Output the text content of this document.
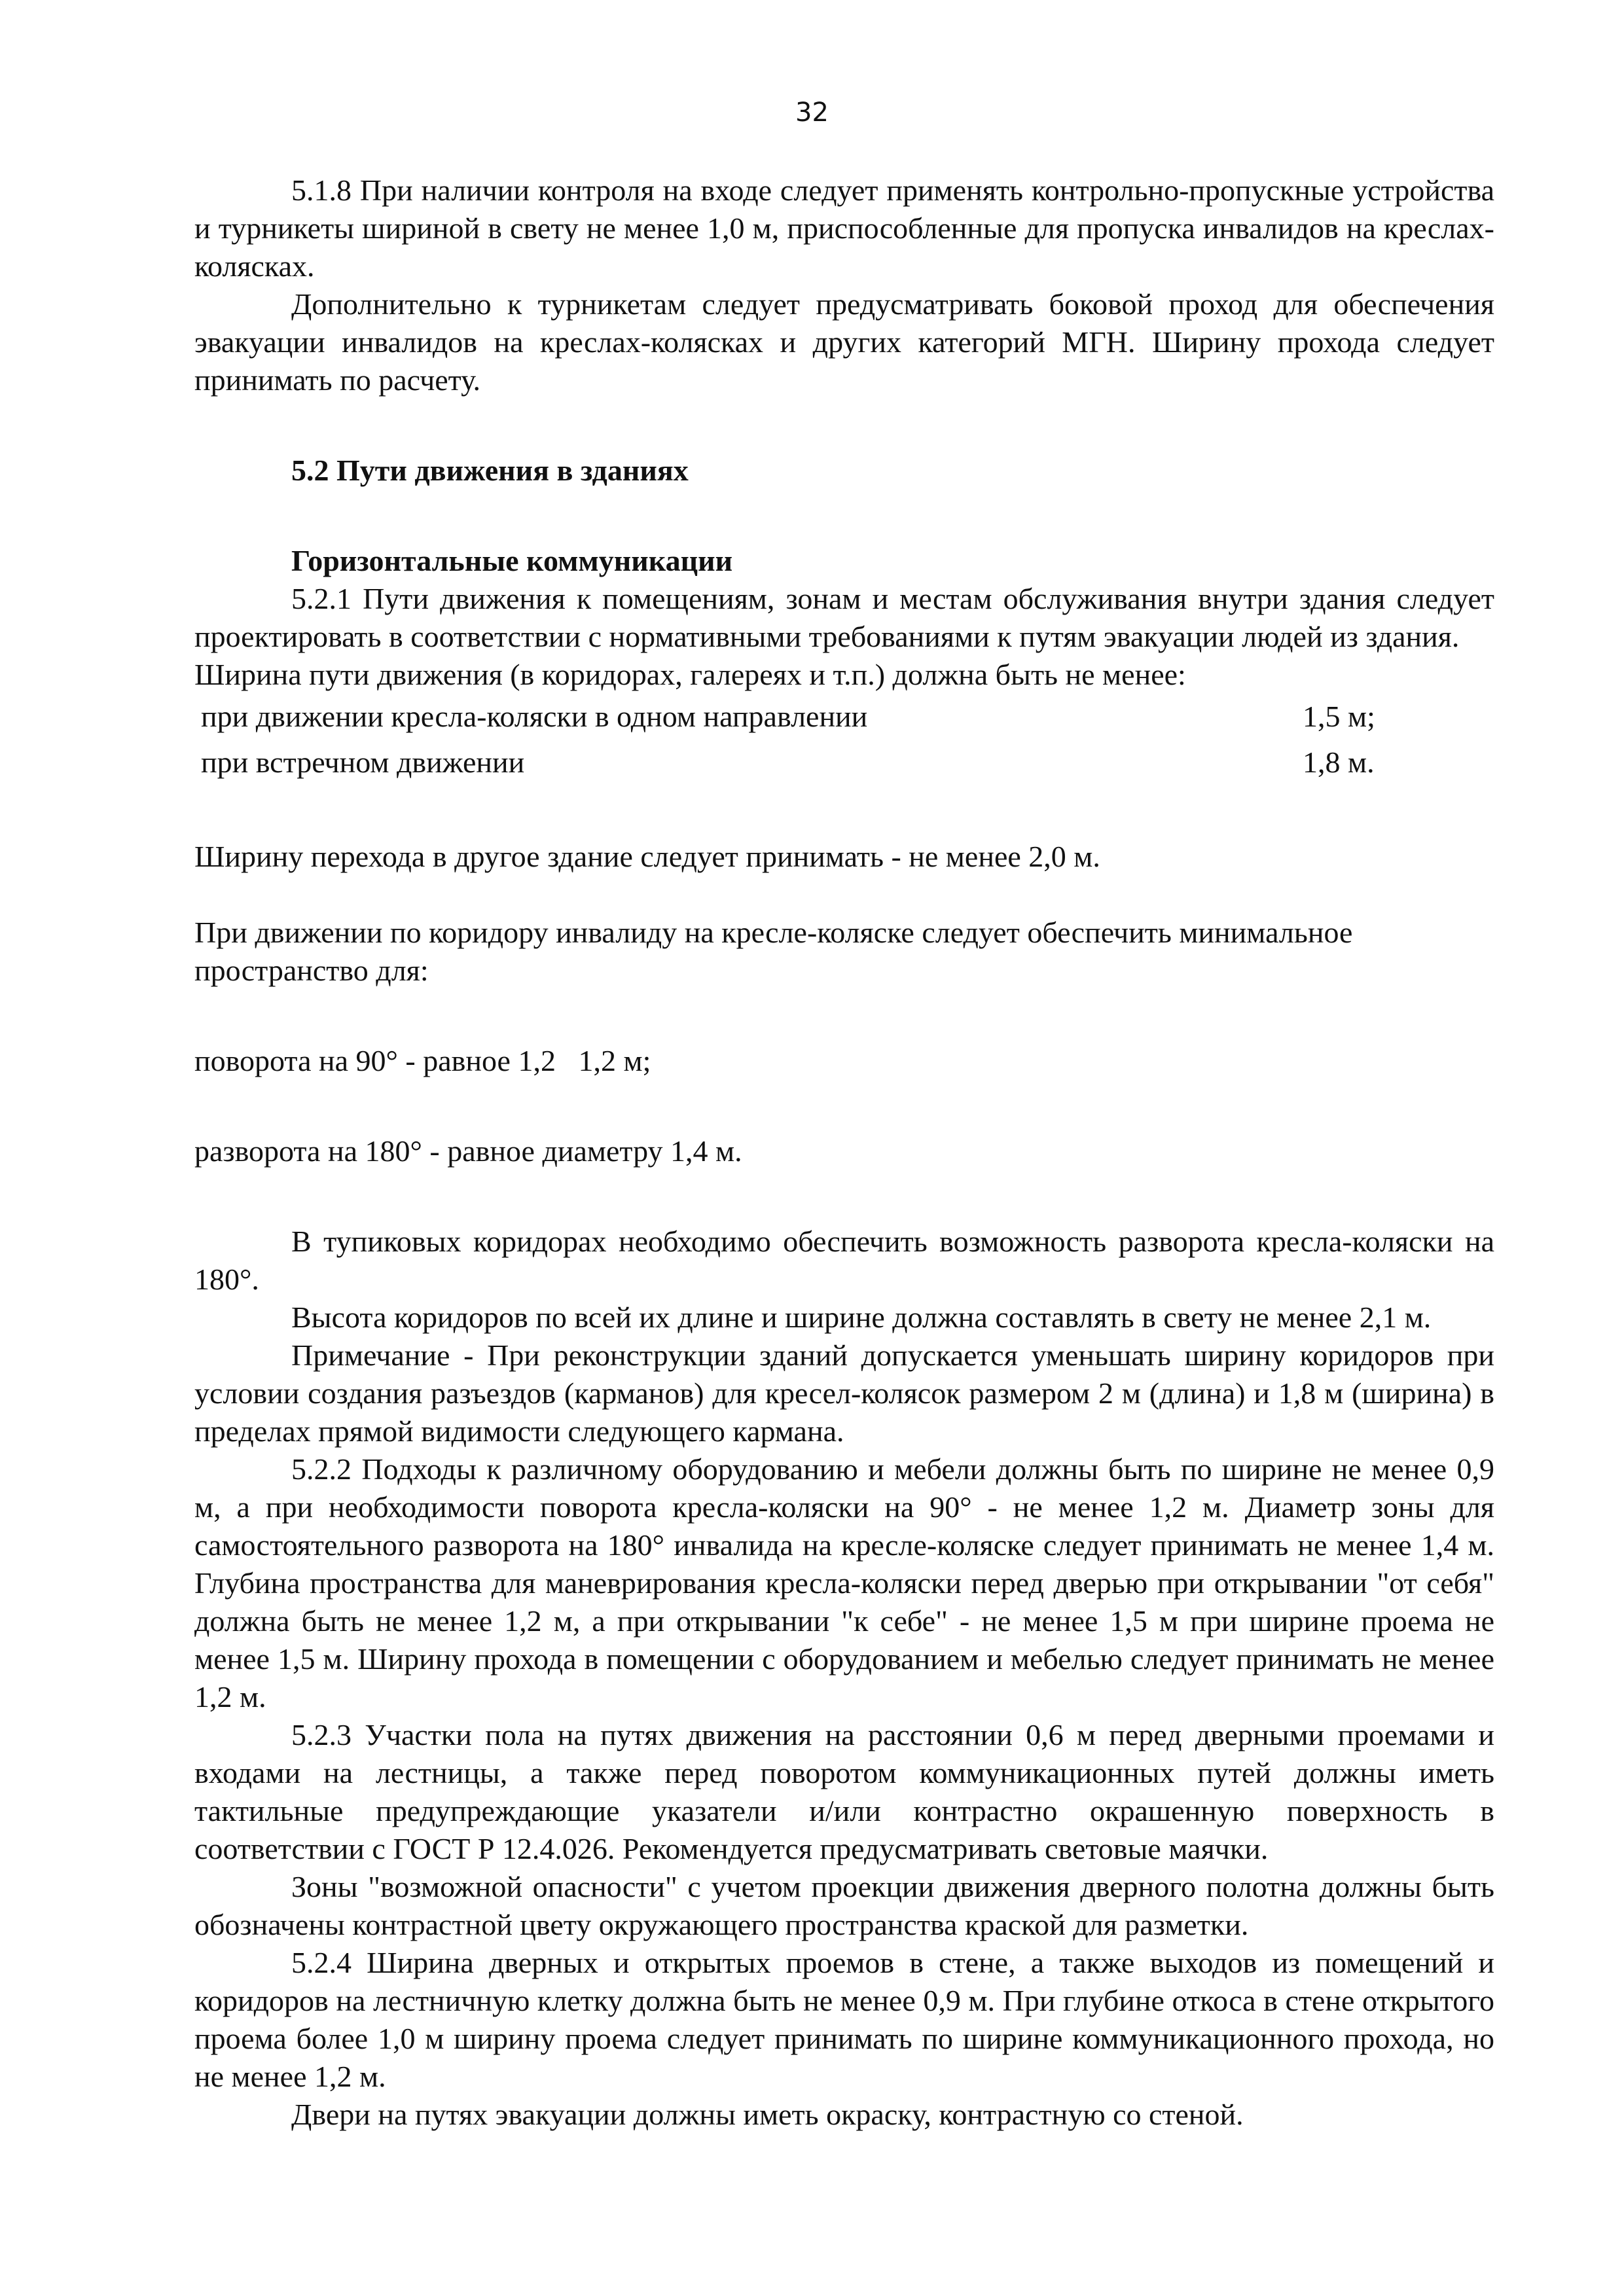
32

5.1.8 При наличии контроля на входе следует применять контрольно-пропускные устройства и турникеты шириной в свету не менее 1,0 м, приспособленные для пропуска инвалидов на креслах-колясках.

Дополнительно к турникетам следует предусматривать боковой проход для обеспечения эвакуации инвалидов на креслах-колясках и других категорий МГН. Ширину прохода следует принимать по расчету.

5.2 Пути движения в зданиях

Горизонтальные коммуникации

5.2.1 Пути движения к помещениям, зонам и местам обслуживания внутри здания следует проектировать в соответствии с нормативными требованиями к путям эвакуации людей из здания.

Ширина пути движения (в коридорах, галереях и т.п.) должна быть не менее:

при движении кресла-коляски в одном направлении	1,5 м;
при встречном движении	1,8 м.

Ширину перехода в другое здание следует принимать - не менее 2,0 м.

При движении по коридору инвалиду на кресле-коляске следует обеспечить минимальное пространство для:

поворота на 90° - равное 1,2   1,2 м;

разворота на 180° - равное диаметру 1,4 м.

В тупиковых коридорах необходимо обеспечить возможность разворота кресла-коляски на 180°.

Высота коридоров по всей их длине и ширине должна составлять в свету не менее 2,1 м.

Примечание - При реконструкции зданий допускается уменьшать ширину коридоров при условии создания разъездов (карманов) для кресел-колясок размером 2 м (длина) и 1,8 м (ширина) в пределах прямой видимости следующего кармана.

5.2.2 Подходы к различному оборудованию и мебели должны быть по ширине не менее 0,9 м, а при необходимости поворота кресла-коляски на 90° - не менее 1,2 м. Диаметр зоны для самостоятельного разворота на 180° инвалида на кресле-коляске следует принимать не менее 1,4 м. Глубина пространства для маневрирования кресла-коляски перед дверью при открывании "от себя" должна быть не менее 1,2 м, а при открывании "к себе" - не менее 1,5 м при ширине проема не менее 1,5 м. Ширину прохода в помещении с оборудованием и мебелью следует принимать не менее 1,2 м.

5.2.3 Участки пола на путях движения на расстоянии 0,6 м перед дверными проемами и входами на лестницы, а также перед поворотом коммуникационных путей должны иметь тактильные предупреждающие указатели и/или контрастно окрашенную поверхность в соответствии с ГОСТ Р 12.4.026. Рекомендуется предусматривать световые маячки.

Зоны "возможной опасности" с учетом проекции движения дверного полотна должны быть обозначены контрастной цвету окружающего пространства краской для разметки.

5.2.4 Ширина дверных и открытых проемов в стене, а также выходов из помещений и коридоров на лестничную клетку должна быть не менее 0,9 м. При глубине откоса в стене открытого проема более 1,0 м ширину проема следует принимать по ширине коммуникационного прохода, но не менее 1,2 м.

Двери на путях эвакуации должны иметь окраску, контрастную со стеной.
